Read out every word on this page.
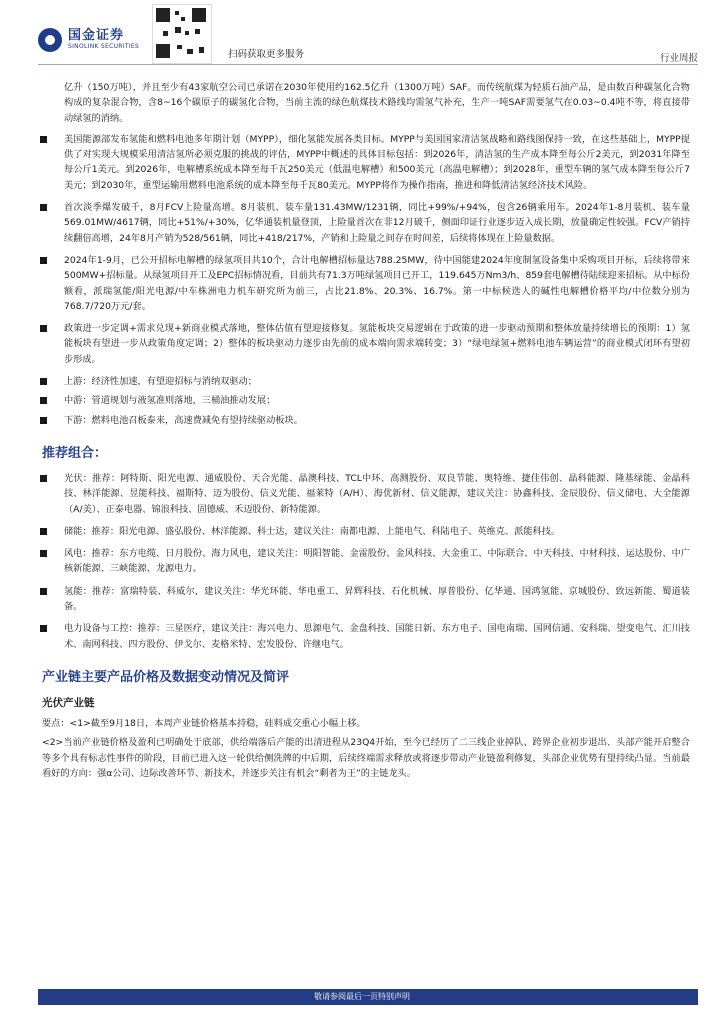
国金证券
SINOLINK SECURITIES
扫码获取更多服务	行业周报

亿升（150万吨），并且至少有43家航空公司已承诺在2030年使用约162.5亿升（1300万吨）SAF。而传统航煤为轻质石油产品，是由数百种碳氢化合物构成的复杂混合物，含8~16个碳原子的碳氢化合物，当前主流的绿色航煤技术路线均需氢气补充，生产一吨SAF需要氢气在0.03~0.4吨不等，将直接带动绿氢的消纳。

美国能源部发布氢能和燃料电池多年期计划（MYPP），细化氢能发展各类目标。MYPP与美国国家清洁氢战略和路线图保持一致，在这些基础上，MYPP提供了对实现大规模采用清洁氢所必须克服的挑战的评估，MYPP中概述的具体目标包括：到2026年，清洁氢的生产成本降至每公斤2美元，到2031年降至每公斤1美元。到2026年，电解槽系统成本降至每千瓦250美元（低温电解槽）和500美元（高温电解槽）；到2028年，重型车辆的氢气成本降至每公斤7美元；到2030年，重型运输用燃料电池系统的成本降至每千瓦80美元。MYPP将作为操作指南，推进和降低清洁氢经济技术风险。
首次淡季爆发破千，8月FCV上险量高增。8月装机、装车量131.43MW/1231辆，同比+99%/+94%，包含26辆乘用车。2024年1-8月装机、装车量569.01MW/4617辆，同比+51%/+30%，亿华通装机量登顶，上险量首次在非12月破千，侧面印证行业逐步迈入成长期，放量确定性较强。FCV产销持续翻倍高增，24年8月产销为528/561辆，同比+418/217%，产销和上险量之间存在时间差，后续将体现在上险量数据。
2024年1-9月，已公开招标电解槽的绿氢项目共10个，合计电解槽招标量达788.25MW，待中国能建2024年度制氢设备集中采购项目开标，后续将带来500MW+招标量。从绿氢项目开工及EPC招标情况看，目前共有71.3万吨绿氢项目已开工，119.645万Nm3/h、859套电解槽待陆续迎来招标。从中标份额看，派瑞氢能/阳光电源/中车株洲电力机车研究所为前三，占比21.8%、20.3%、16.7%。第一中标候选人的碱性电解槽价格平均/中位数分别为768.7/720万元/套。
政策进一步定调+需求兑现+新商业模式落地，整体估值有望迎接修复。氢能板块交易逻辑在于政策的进一步驱动预期和整体放量持续增长的预期：1）氢能板块有望进一步从政策角度定调；2）整体的板块驱动力逐步由先前的成本端向需求端转变；3）“绿电绿氢+燃料电池车辆运营”的商业模式闭环有望初步形成。
上游：经济性加速，有望迎招标与消纳双驱动；
中游：管道规划与液氢准则落地，三桶油推动发展；
下游：燃料电池召板泰来，高速费减免有望持续驱动板块。
推荐组合：
光伏：推荐：阿特斯、阳光电源、通威股份、天合光能、晶澳科技、TCL中环、高测股份、双良节能、奥特维、捷佳伟创、晶科能源、隆基绿能、金晶科技、林洋能源、昱能科技、福斯特、迈为股份、信义光能、福莱特（A/H）、海优新材、信义能源，建议关注：协鑫科技、金辰股份、信义储电、大全能源（A/美）、正泰电器、锦浪科技、固德威、禾迈股份、新特能源。
储能：推荐：阳光电源、盛弘股份、林洋能源、科士达，建议关注：南都电源、上能电气、科陆电子、英维克、派能科技。
风电：推荐：东方电缆、日月股份、海力风电，建议关注：明阳智能、金雷股份、金风科技、大金重工、中际联合、中天科技、中材科技、运达股份、中广核新能源、三峡能源、龙源电力。
氢能：推荐：富瑞特装、科威尔，建议关注：华光环能、华电重工、昇辉科技、石化机械、厚普股份、亿华通、国鸿氢能、京城股份、致远新能、蜀道装备。
电力设备与工控：推荐：三星医疗，建议关注：海兴电力、思源电气、金盘科技、国能日新、东方电子、国电南瑞、国网信通、安科瑞、望变电气、汇川技术、南网科技、四方股份、伊戈尔、麦格米特、宏发股份、许继电气。
产业链主要产品价格及数据变动情况及简评
光伏产业链

要点：<1>截至9月18日，本周产业链价格基本持稳，硅料成交重心小幅上移。

<2>当前产业链价格及盈利已明确处于底部，供给端落后产能的出清进程从23Q4开始，至今已经历了二三线企业掉队、跨界企业初步退出、头部产能开启整合等多个具有标志性事件的阶段，目前已进入这一轮供给侧洗牌的中后期，后续终端需求释放或将逐步带动产业链盈利修复，头部企业优势有望持续凸显。当前最看好的方向：强α公司、边际改善环节、新技术，并逐步关注有机会“剩者为王”的主链龙头。

敬请参阅最后一页特别声明	5
